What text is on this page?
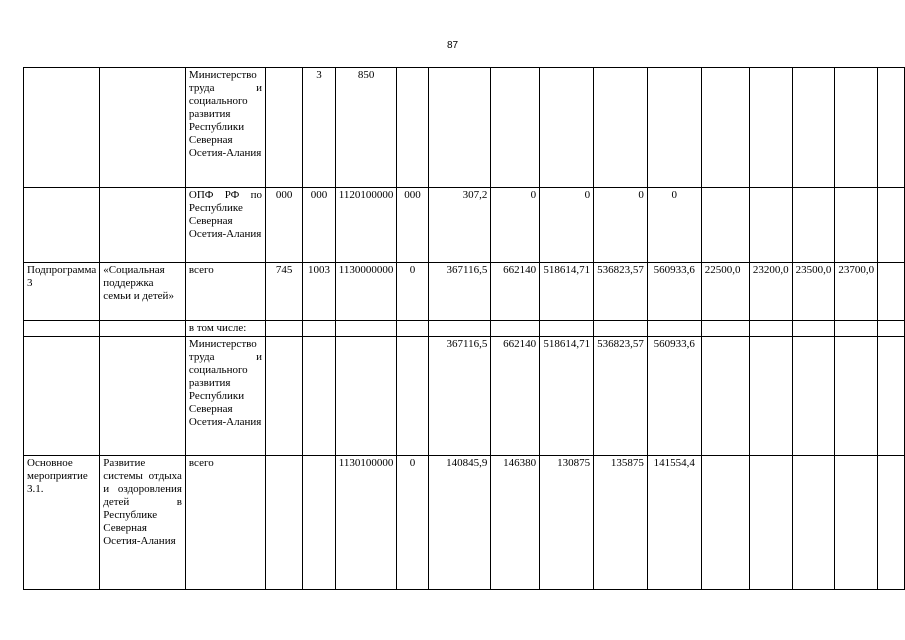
87
		Министерство труда и социального развития Республики Северная Осетия-Алания		3	850											
		ОПФ РФ по Республике Северная Осетия-Алания	000	000	1120100000	000	307,2	0	0	0	0					
Подпрограмма 3	«Социальная поддержка семьи и детей»	всего	745	1003	1130000000	0	367116,5	662140	518614,71	536823,57	560933,6	22500,0	23200,0	23500,0	23700,0	
		в том числе:														
		Министерство труда и социального развития Республики Северная Осетия-Алания					367116,5	662140	518614,71	536823,57	560933,6					
Основное мероприятие 3.1.	Развитие системы отдыха и оздоровления детей в Республике Северная Осетия-Алания	всего			1130100000	0	140845,9	146380	130875	135875	141554,4					
